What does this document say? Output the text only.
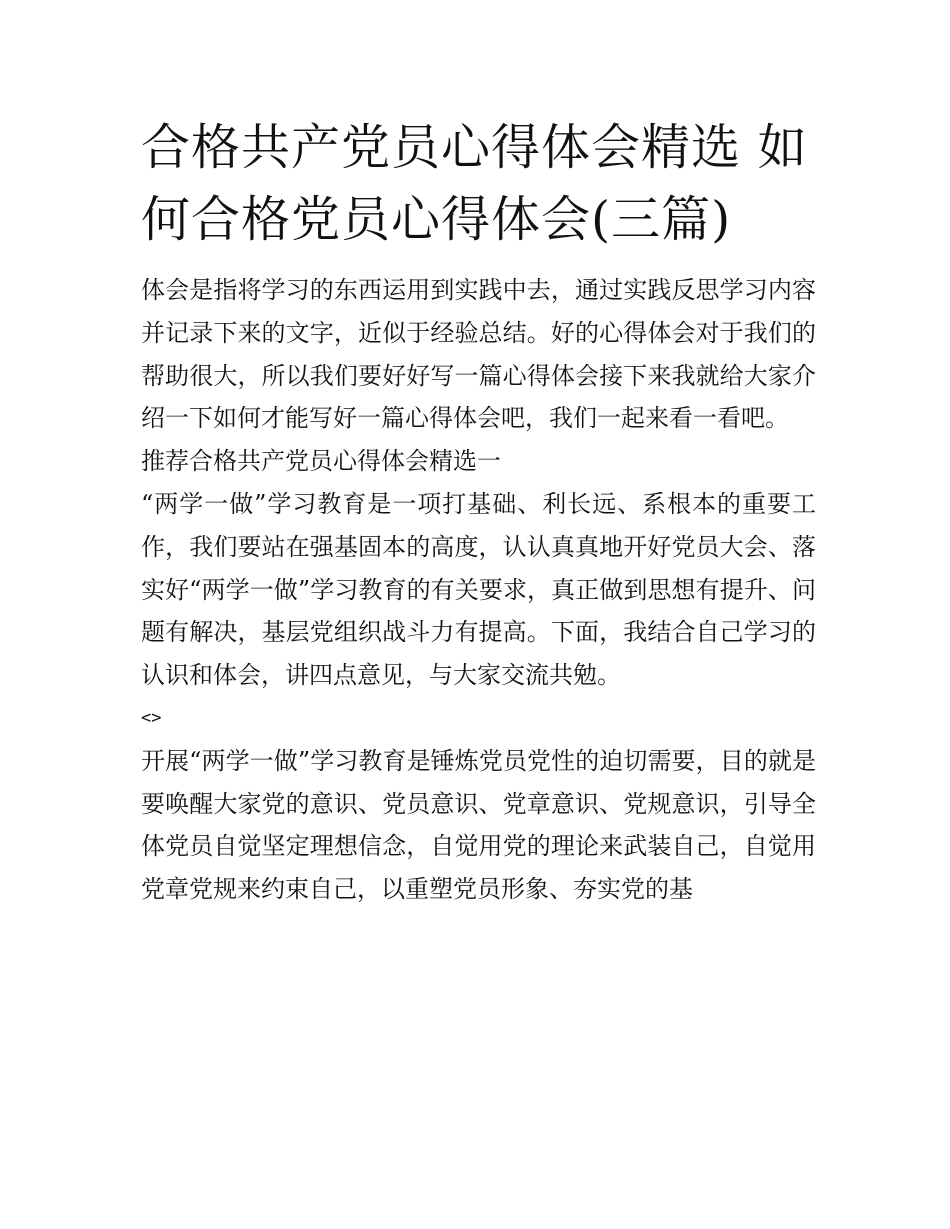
合格共产党员心得体会精选 如何合格党员心得体会(三篇)

体会是指将学习的东西运用到实践中去，通过实践反思学习内容并记录下来的文字，近似于经验总结。好的心得体会对于我们的帮助很大，所以我们要好好写一篇心得体会接下来我就给大家介绍一下如何才能写好一篇心得体会吧，我们一起来看一看吧。

推荐合格共产党员心得体会精选一

“两学一做”学习教育是一项打基础、利长远、系根本的重要工作，我们要站在强基固本的高度，认认真真地开好党员大会、落实好“两学一做”学习教育的有关要求，真正做到思想有提升、问题有解决，基层党组织战斗力有提高。下面，我结合自己学习的认识和体会，讲四点意见，与大家交流共勉。

<>

开展“两学一做”学习教育是锤炼党员党性的迫切需要，目的就是要唤醒大家党的意识、党员意识、党章意识、党规意识，引导全体党员自觉坚定理想信念，自觉用党的理论来武装自己，自觉用党章党规来约束自己，以重塑党员形象、夯实党的基
